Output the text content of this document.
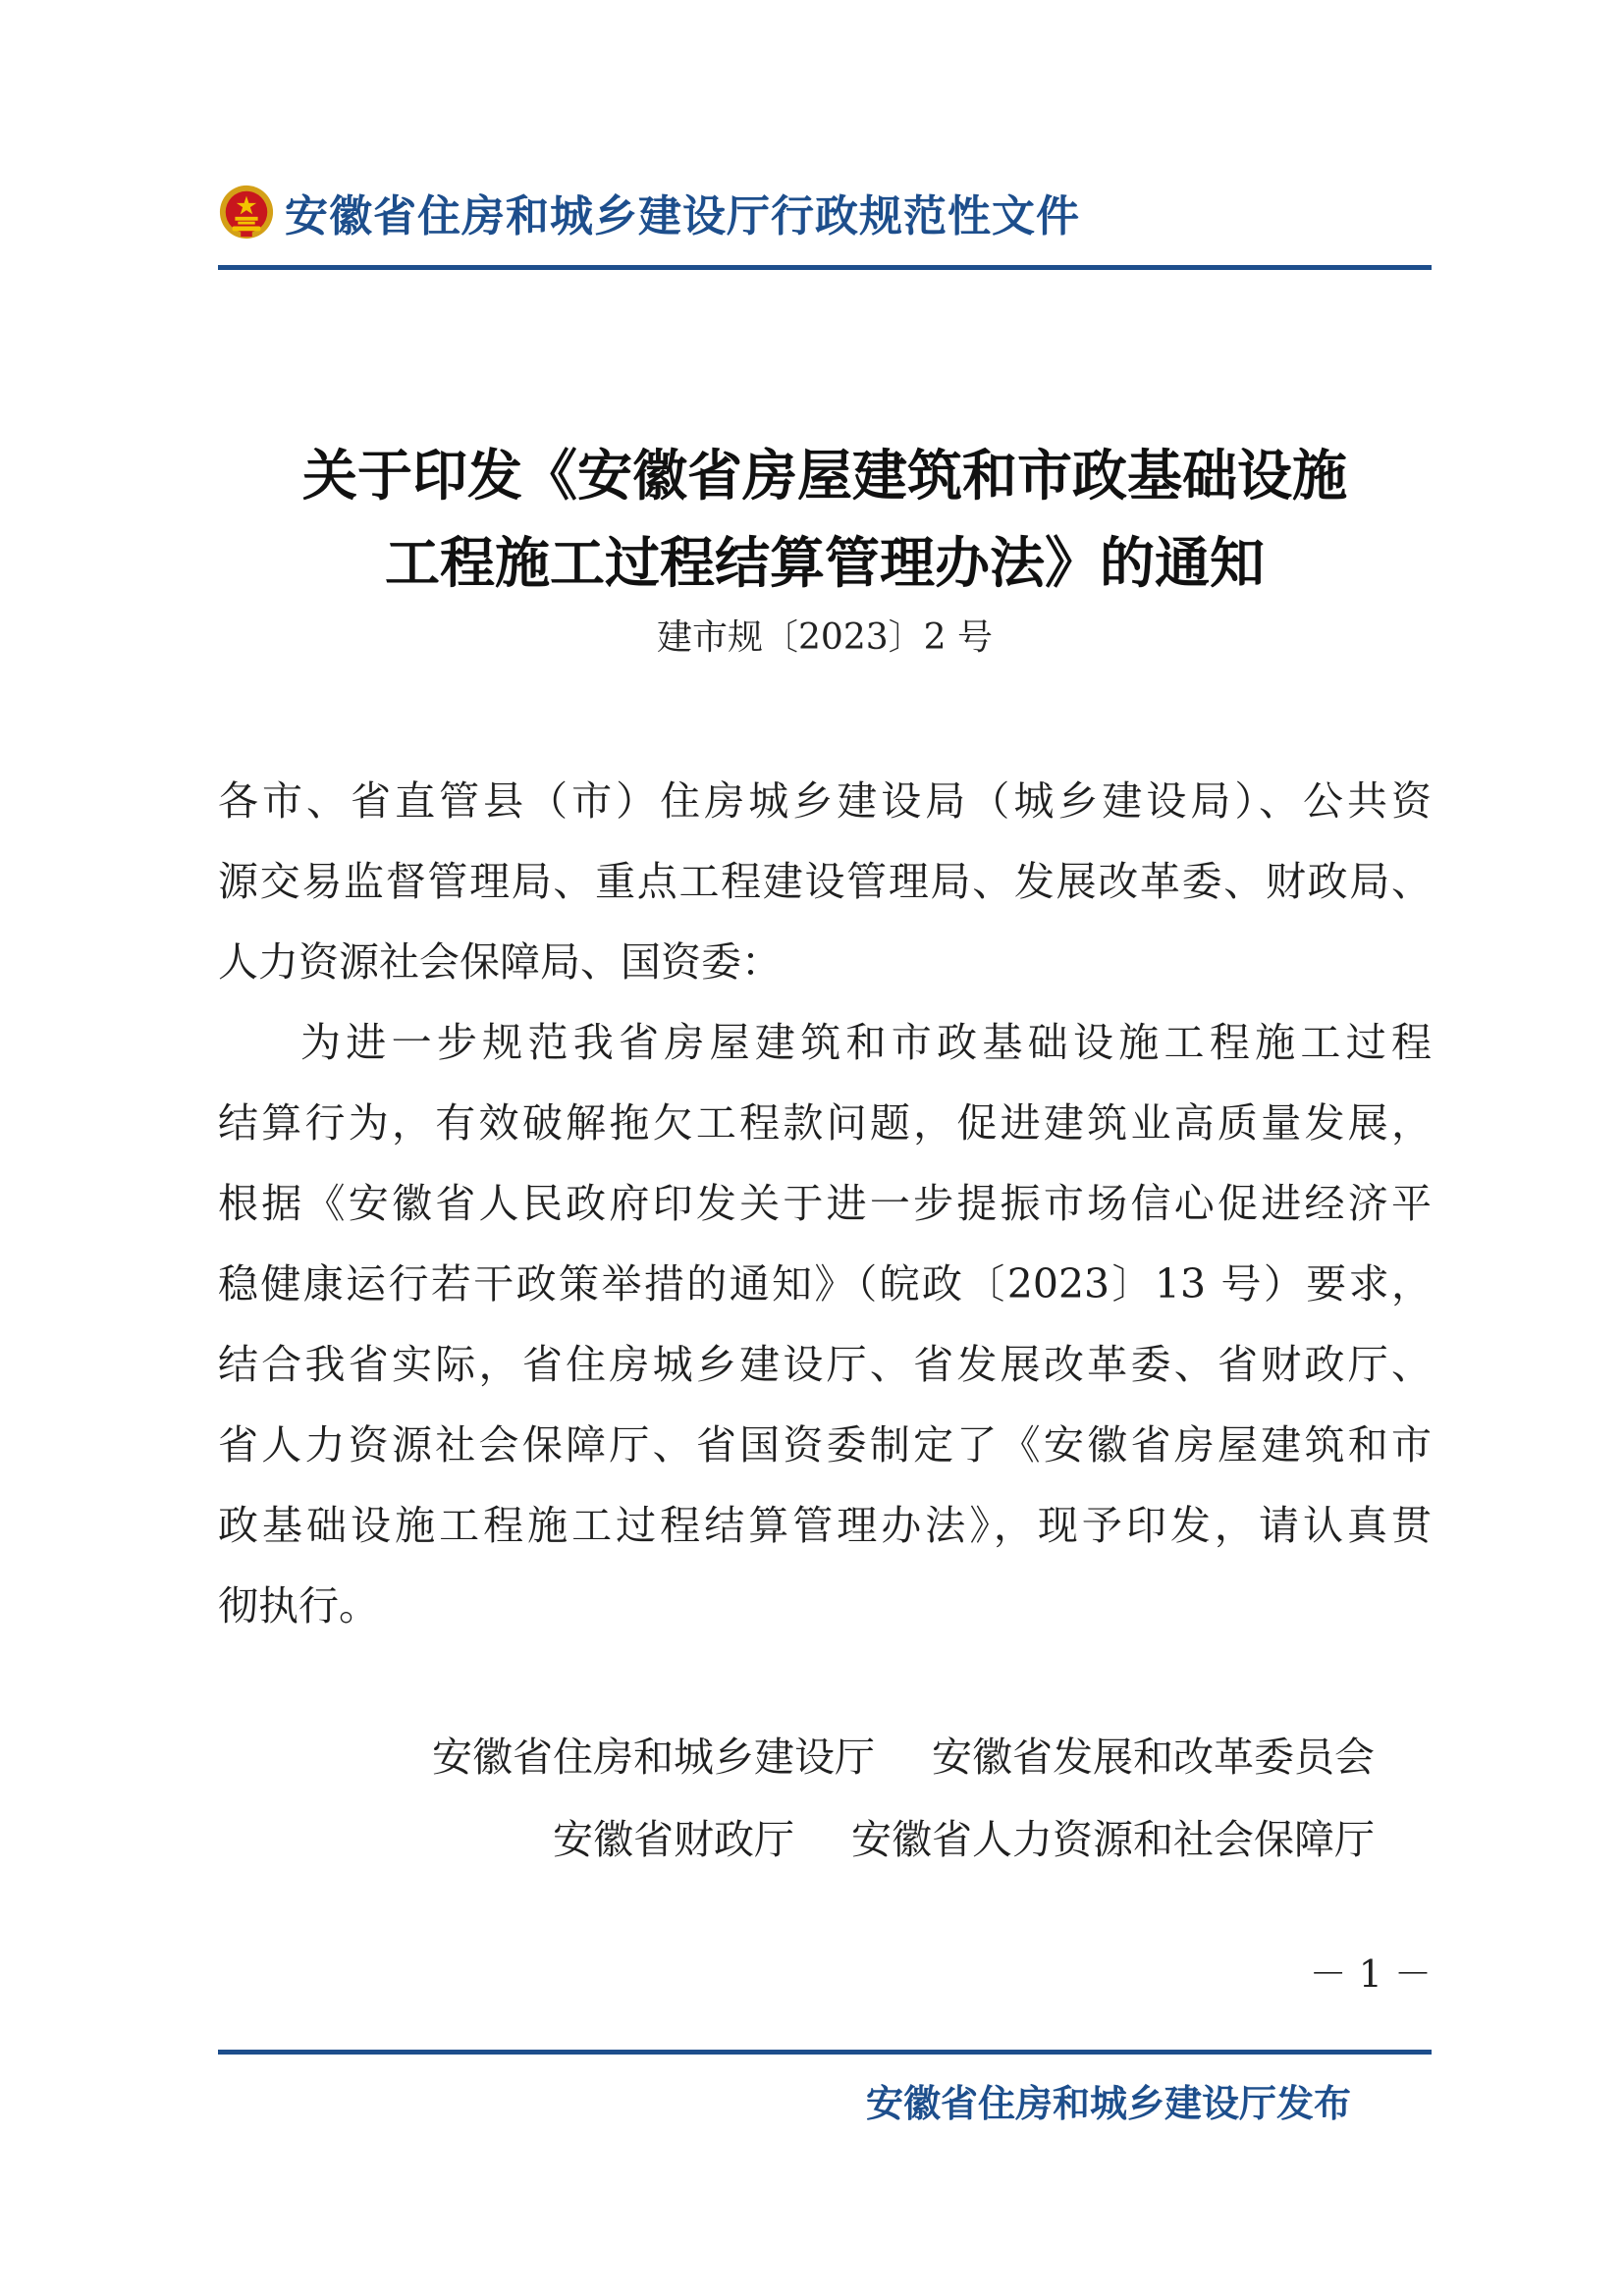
安徽省住房和城乡建设厅行政规范性文件
关于印发《安徽省房屋建筑和市政基础设施
工程施工过程结算管理办法》的通知
建市规〔2023〕2 号
各市、省直管县（市）住房城乡建设局（城乡建设局）、公共资
源交易监督管理局、重点工程建设管理局、发展改革委、财政局、
人力资源社会保障局、国资委：
为进一步规范我省房屋建筑和市政基础设施工程施工过程
结算行为，有效破解拖欠工程款问题，促进建筑业高质量发展，
根据《安徽省人民政府印发关于进一步提振市场信心促进经济平
稳健康运行若干政策举措的通知》（皖政〔2023〕13 号）要求，
结合我省实际，省住房城乡建设厅、省发展改革委、省财政厅、
省人力资源社会保障厅、省国资委制定了《安徽省房屋建筑和市
政基础设施工程施工过程结算管理办法》，现予印发，请认真贯
彻执行。
安徽省住房和城乡建设厅 安徽省发展和改革委员会
安徽省财政厅 安徽省人力资源和社会保障厅
－ 1 －
安徽省住房和城乡建设厅发布
